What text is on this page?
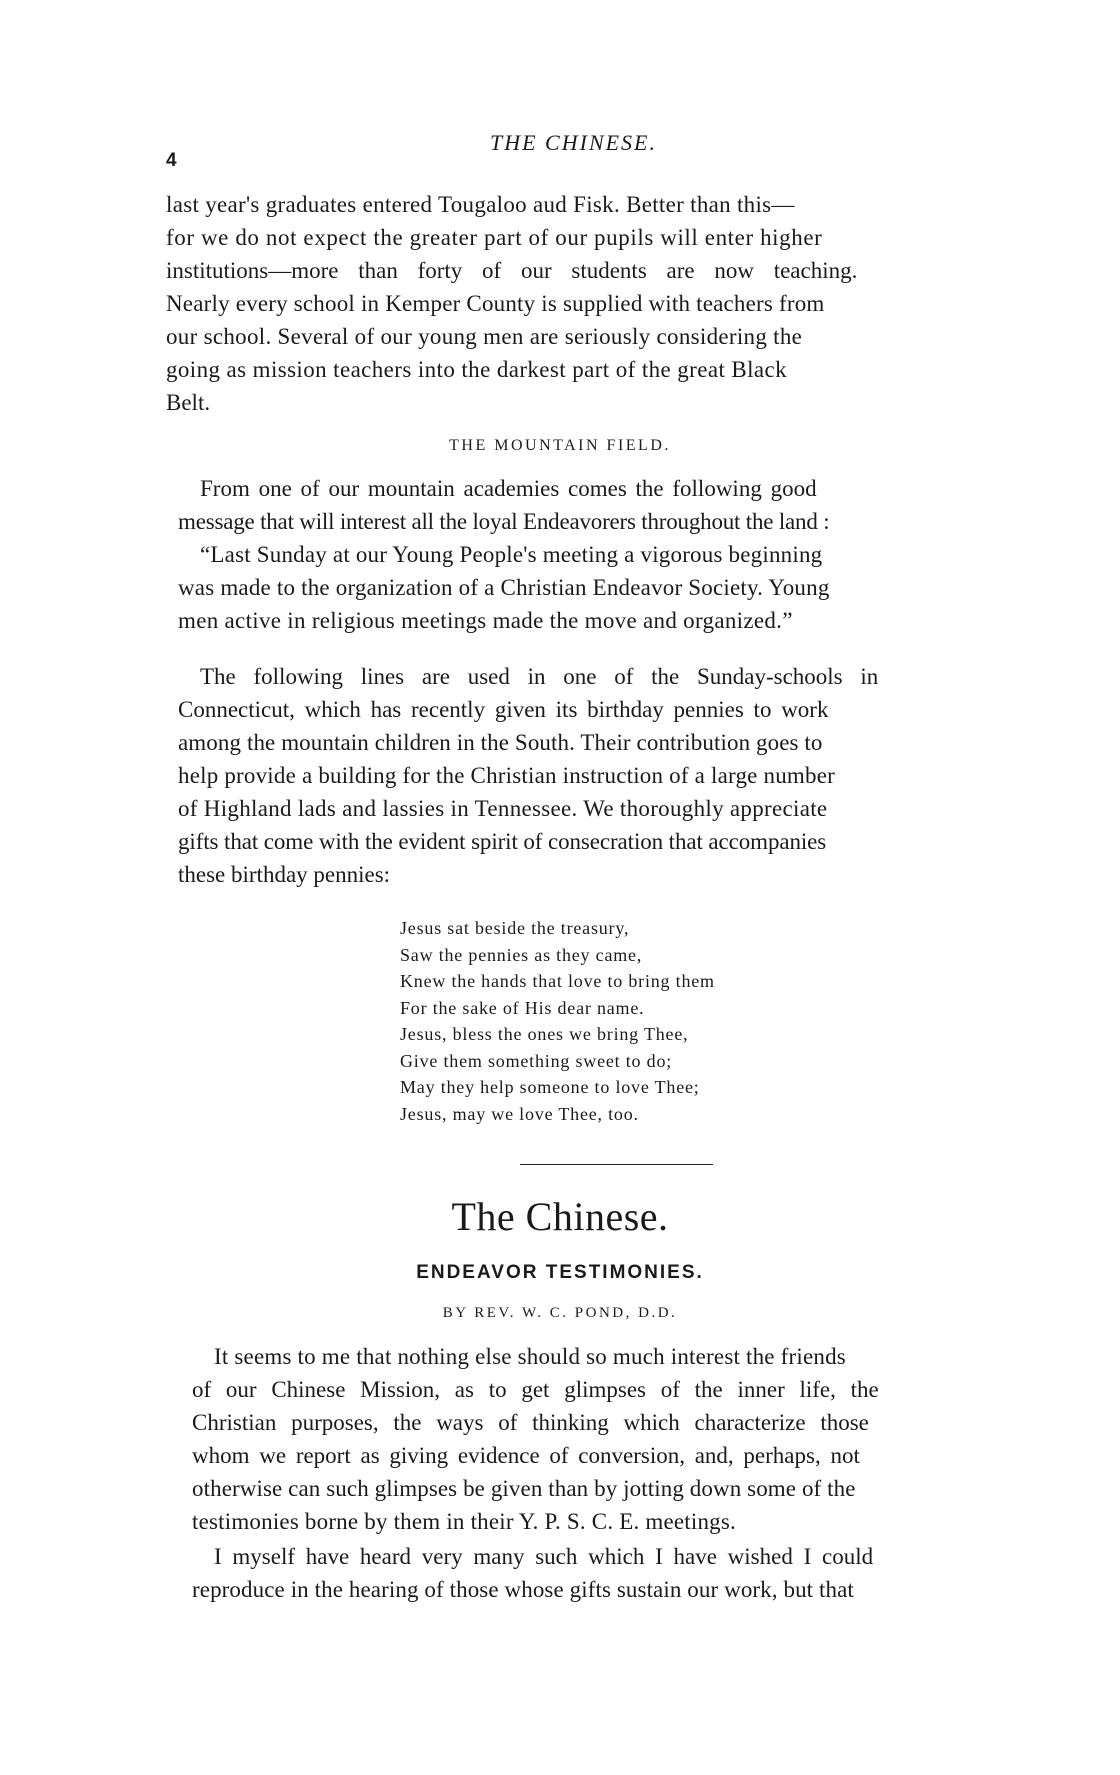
4
THE CHINESE.
last year's graduates entered Tougaloo aud Fisk. Better than this—
for we do not expect the greater part of our pupils will enter higher
institutions—more than forty of our students are now teaching.
Nearly every school in Kemper County is supplied with teachers from
our school. Several of our young men are seriously considering the
going as mission teachers into the darkest part of the great Black
Belt.
THE MOUNTAIN FIELD.
From one of our mountain academies comes the following good
message that will interest all the loyal Endeavorers throughout the land :
“Last Sunday at our Young People's meeting a vigorous beginning
was made to the organization of a Christian Endeavor Society. Young
men active in religious meetings made the move and organized.”
The following lines are used in one of the Sunday-schools in
Connecticut, which has recently given its birthday pennies to work
among the mountain children in the South. Their contribution goes to
help provide a building for the Christian instruction of a large number
of Highland lads and lassies in Tennessee. We thoroughly appreciate
gifts that come with the evident spirit of consecration that accompanies
these birthday pennies:
Jesus sat beside the treasury,
Saw the pennies as they came,
Knew the hands that love to bring them
For the sake of His dear name.
Jesus, bless the ones we bring Thee,
Give them something sweet to do;
May they help someone to love Thee;
Jesus, may we love Thee, too.
The Chinese.
ENDEAVOR TESTIMONIES.
BY REV. W. C. POND, D.D.
It seems to me that nothing else should so much interest the friends
of our Chinese Mission, as to get glimpses of the inner life, the
Christian purposes, the ways of thinking which characterize those
whom we report as giving evidence of conversion, and, perhaps, not
otherwise can such glimpses be given than by jotting down some of the
testimonies borne by them in their Y. P. S. C. E. meetings.
I myself have heard very many such which I have wished I could
reproduce in the hearing of those whose gifts sustain our work, but that
